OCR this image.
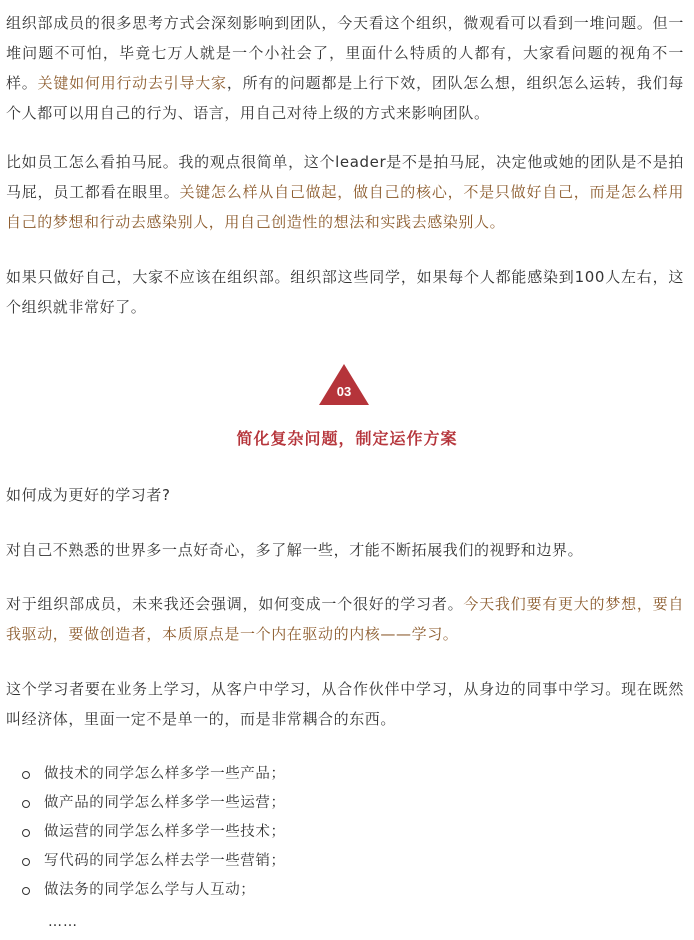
组织部成员的很多思考方式会深刻影响到团队，今天看这个组织，微观看可以看到一堆问题。但一堆问题不可怕，毕竟七万人就是一个小社会了，里面什么特质的人都有，大家看问题的视角不一样。关键如何用行动去引导大家，所有的问题都是上行下效，团队怎么想，组织怎么运转，我们每个人都可以用自己的行为、语言，用自己对待上级的方式来影响团队。

比如员工怎么看拍马屁。我的观点很简单，这个leader是不是拍马屁，决定他或她的团队是不是拍马屁，员工都看在眼里。关键怎么样从自己做起，做自己的核心，不是只做好自己，而是怎么样用自己的梦想和行动去感染别人，用自己创造性的想法和实践去感染别人。

如果只做好自己，大家不应该在组织部。组织部这些同学，如果每个人都能感染到100人左右，这个组织就非常好了。

03
简化复杂问题，制定运作方案

如何成为更好的学习者?

对自己不熟悉的世界多一点好奇心，多了解一些，才能不断拓展我们的视野和边界。

对于组织部成员，未来我还会强调，如何变成一个很好的学习者。今天我们要有更大的梦想，要自我驱动，要做创造者，本质原点是一个内在驱动的内核——学习。

这个学习者要在业务上学习，从客户中学习，从合作伙伴中学习，从身边的同事中学习。现在既然叫经济体，里面一定不是单一的，而是非常耦合的东西。

做技术的同学怎么样多学一些产品；
做产品的同学怎么样多学一些运营；
做运营的同学怎么样多学一些技术；
写代码的同学怎么样去学一些营销；
做法务的同学怎么学与人互动；
……
